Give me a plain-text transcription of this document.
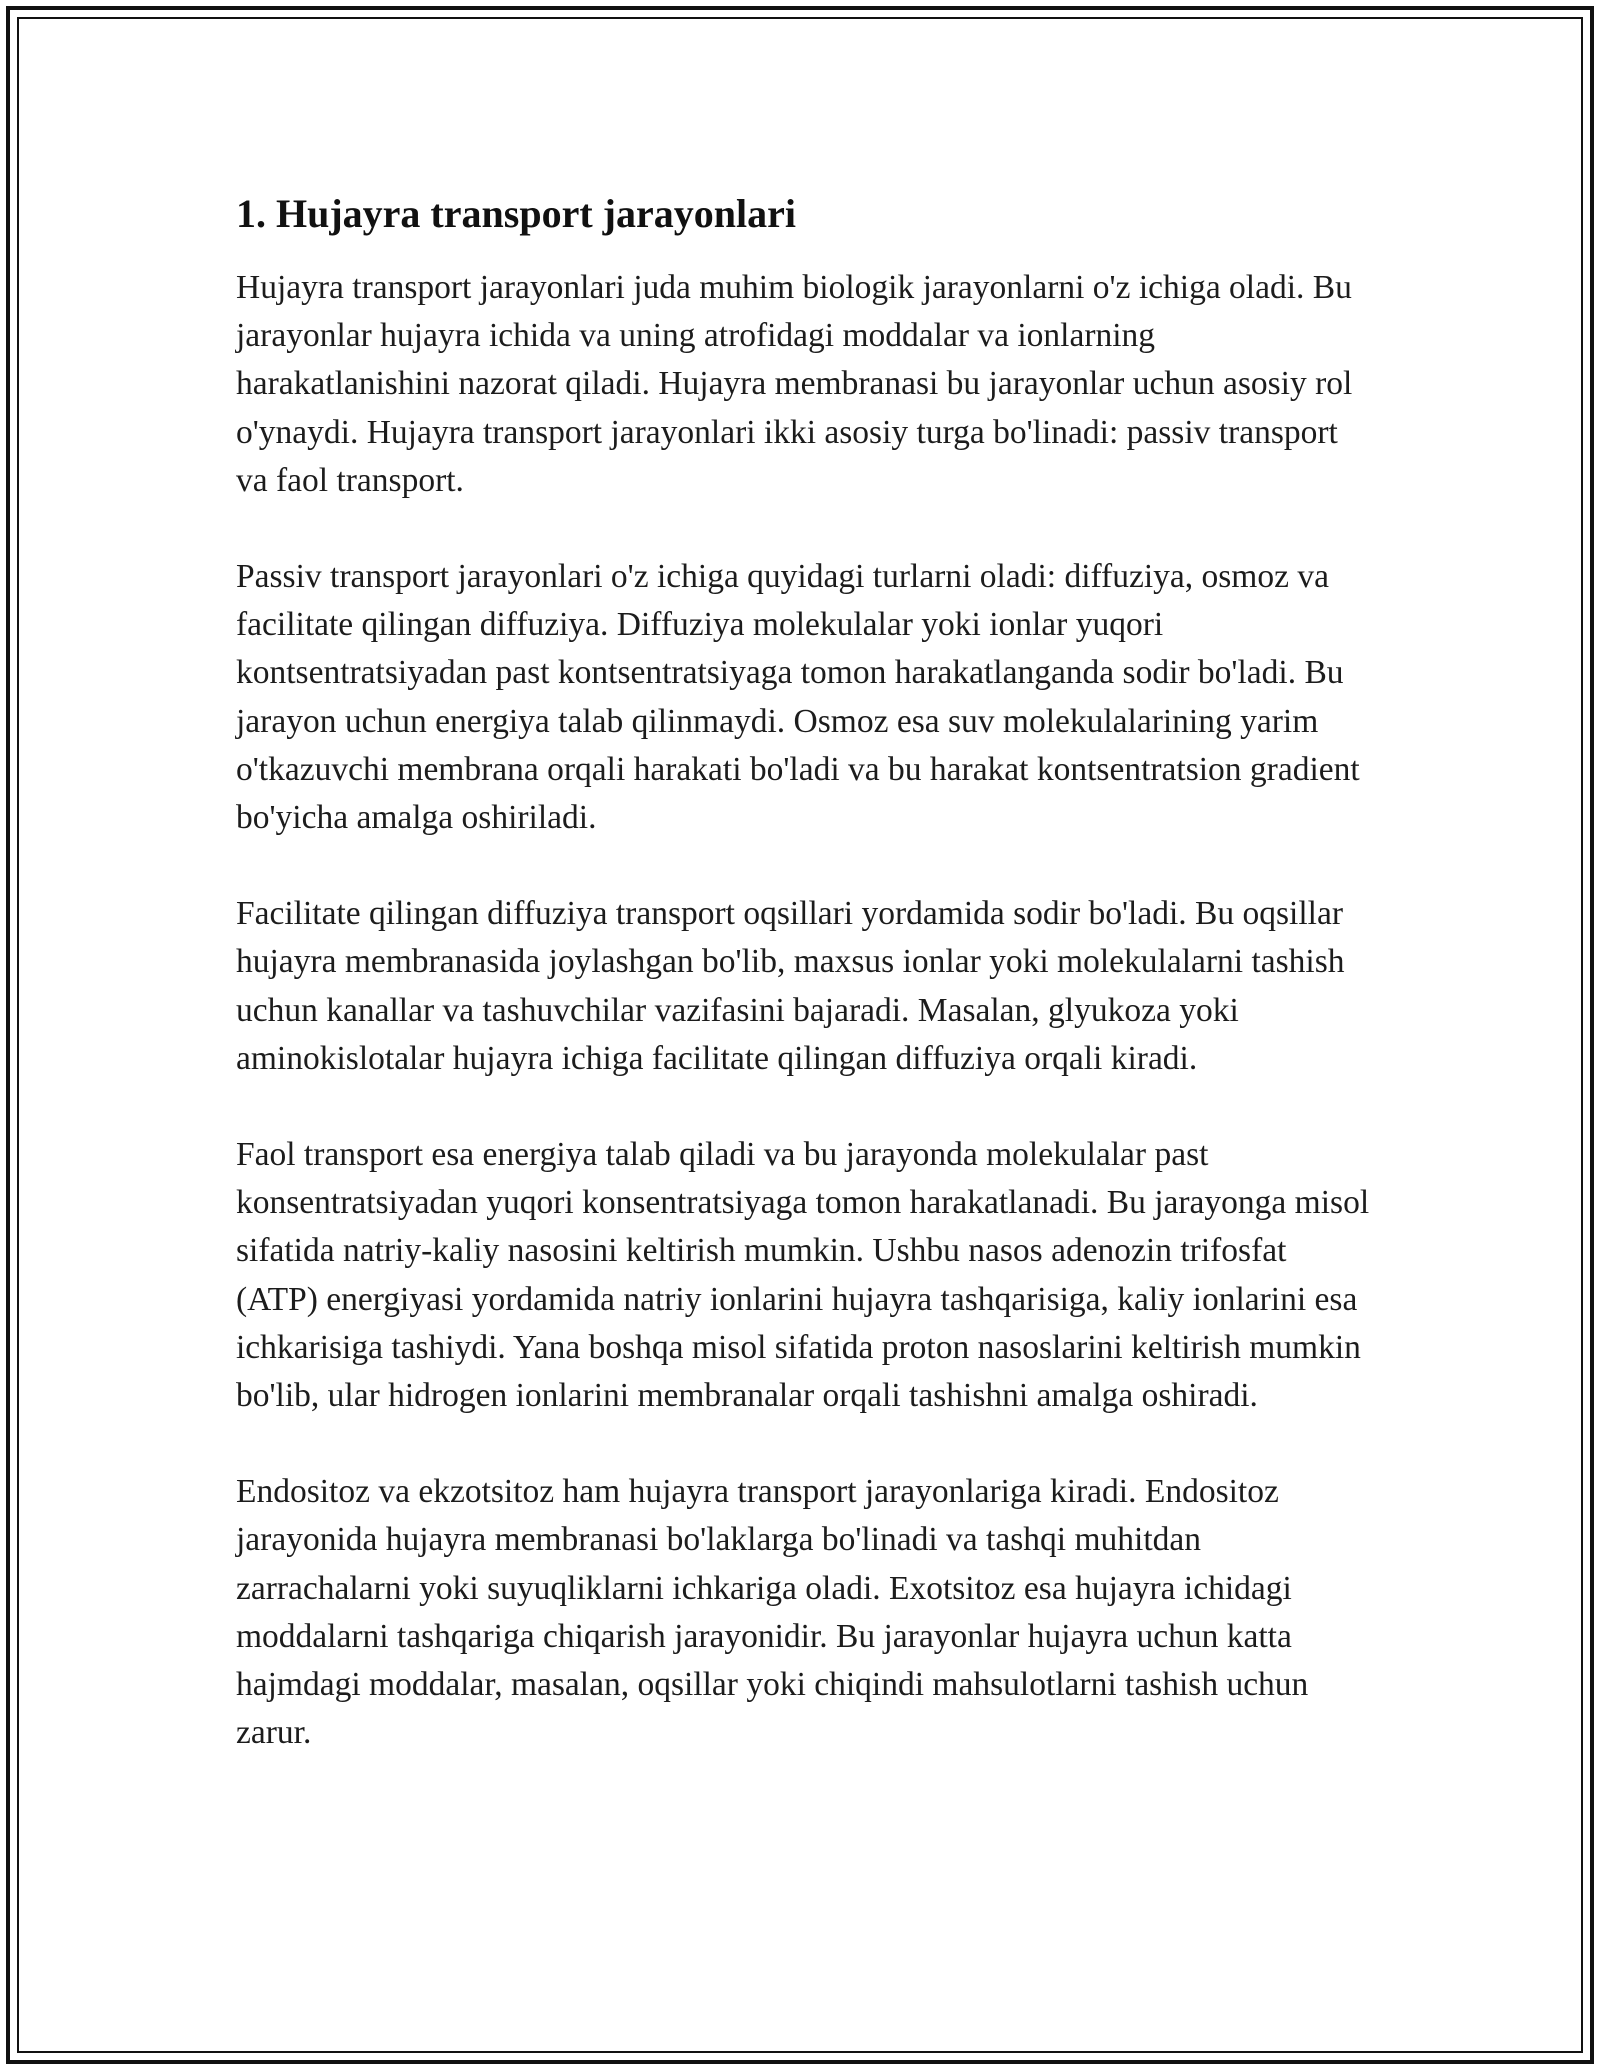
1. Hujayra transport jarayonlari

Hujayra transport jarayonlari juda muhim biologik jarayonlarni o'z ichiga oladi. Bu jarayonlar hujayra ichida va uning atrofidagi moddalar va ionlarning harakatlanishini nazorat qiladi. Hujayra membranasi bu jarayonlar uchun asosiy rol o'ynaydi. Hujayra transport jarayonlari ikki asosiy turga bo'linadi: passiv transport va faol transport.

Passiv transport jarayonlari o'z ichiga quyidagi turlarni oladi: diffuziya, osmoz va facilitate qilingan diffuziya. Diffuziya molekulalar yoki ionlar yuqori kontsentratsiyadan past kontsentratsiyaga tomon harakatlanganda sodir bo'ladi. Bu jarayon uchun energiya talab qilinmaydi. Osmoz esa suv molekulalarining yarim o'tkazuvchi membrana orqali harakati bo'ladi va bu harakat kontsentratsion gradient bo'yicha amalga oshiriladi.

Facilitate qilingan diffuziya transport oqsillari yordamida sodir bo'ladi. Bu oqsillar hujayra membranasida joylashgan bo'lib, maxsus ionlar yoki molekulalarni tashish uchun kanallar va tashuvchilar vazifasini bajaradi. Masalan, glyukoza yoki aminokislotalar hujayra ichiga facilitate qilingan diffuziya orqali kiradi.

Faol transport esa energiya talab qiladi va bu jarayonda molekulalar past konsentratsiyadan yuqori konsentratsiyaga tomon harakatlanadi. Bu jarayonga misol sifatida natriy-kaliy nasosini keltirish mumkin. Ushbu nasos adenozin trifosfat (ATP) energiyasi yordamida natriy ionlarini hujayra tashqarisiga, kaliy ionlarini esa ichkarisiga tashiydi. Yana boshqa misol sifatida proton nasoslarini keltirish mumkin bo'lib, ular hidrogen ionlarini membranalar orqali tashishni amalga oshiradi.

Endositoz va ekzotsitoz ham hujayra transport jarayonlariga kiradi. Endositoz jarayonida hujayra membranasi bo'laklarga bo'linadi va tashqi muhitdan zarrachalarni yoki suyuqliklarni ichkariga oladi. Exotsitoz esa hujayra ichidagi moddalarni tashqariga chiqarish jarayonidir. Bu jarayonlar hujayra uchun katta hajmdagi moddalar, masalan, oqsillar yoki chiqindi mahsulotlarni tashish uchun zarur.
